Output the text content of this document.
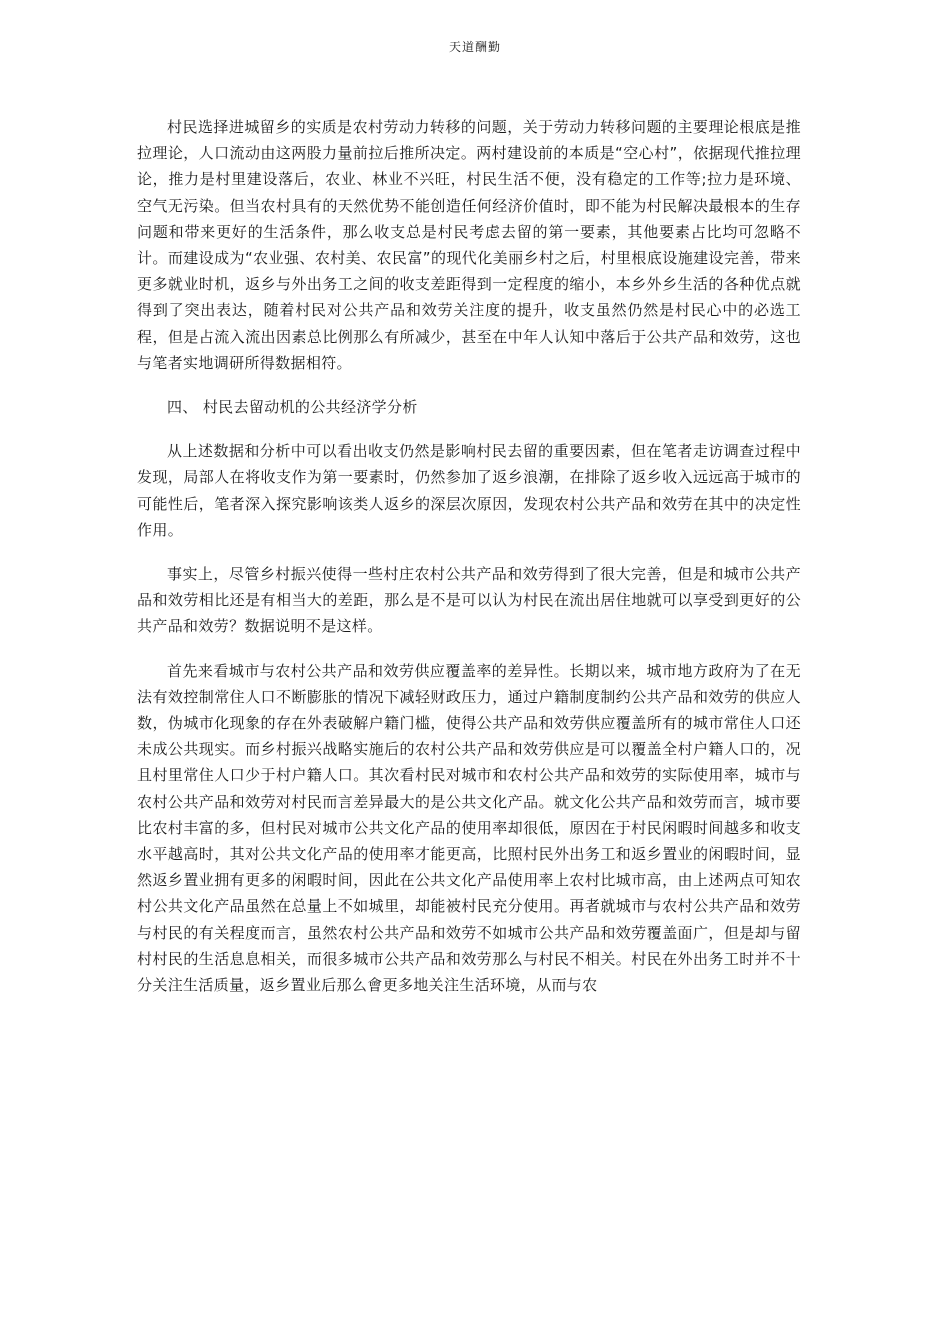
天道酬勤

村民选择进城留乡的实质是农村劳动力转移的问题，关于劳动力转移问题的主要理论根底是推拉理论，人口流动由这两股力量前拉后推所决定。两村建设前的本质是“空心村”，依据现代推拉理论，推力是村里建设落后，农业、林业不兴旺，村民生活不便，没有稳定的工作等;拉力是环境、空气无污染。但当农村具有的天然优势不能创造任何经济价值时，即不能为村民解决最根本的生存问题和带来更好的生活条件，那么收支总是村民考虑去留的第一要素，其他要素占比均可忽略不计。而建设成为“农业强、农村美、农民富”的现代化美丽乡村之后，村里根底设施建设完善，带来更多就业时机，返乡与外出务工之间的收支差距得到一定程度的缩小，本乡外乡生活的各种优点就得到了突出表达，随着村民对公共产品和效劳关注度的提升，收支虽然仍然是村民心中的必选工程，但是占流入流出因素总比例那么有所减少，甚至在中年人认知中落后于公共产品和效劳，这也与笔者实地调研所得数据相符。

四、 村民去留动机的公共经济学分析

从上述数据和分析中可以看出收支仍然是影响村民去留的重要因素，但在笔者走访调查过程中发现，局部人在将收支作为第一要素时，仍然参加了返乡浪潮，在排除了返乡收入远远高于城市的可能性后，笔者深入探究影响该类人返乡的深层次原因，发现农村公共产品和效劳在其中的决定性作用。

事实上，尽管乡村振兴使得一些村庄农村公共产品和效劳得到了很大完善，但是和城市公共产品和效劳相比还是有相当大的差距，那么是不是可以认为村民在流出居住地就可以享受到更好的公共产品和效劳？数据说明不是这样。

首先来看城市与农村公共产品和效劳供应覆盖率的差异性。长期以来，城市地方政府为了在无法有效控制常住人口不断膨胀的情况下减轻财政压力，通过户籍制度制约公共产品和效劳的供应人数，伪城市化现象的存在外表破解户籍门槛，使得公共产品和效劳供应覆盖所有的城市常住人口还未成公共现实。而乡村振兴战略实施后的农村公共产品和效劳供应是可以覆盖全村户籍人口的，况且村里常住人口少于村户籍人口。其次看村民对城市和农村公共产品和效劳的实际使用率，城市与农村公共产品和效劳对村民而言差异最大的是公共文化产品。就文化公共产品和效劳而言，城市要比农村丰富的多，但村民对城市公共文化产品的使用率却很低，原因在于村民闲暇时间越多和收支水平越高时，其对公共文化产品的使用率才能更高，比照村民外出务工和返乡置业的闲暇时间，显然返乡置业拥有更多的闲暇时间，因此在公共文化产品使用率上农村比城市高，由上述两点可知农村公共文化产品虽然在总量上不如城里，却能被村民充分使用。再者就城市与农村公共产品和效劳与村民的有关程度而言，虽然农村公共产品和效劳不如城市公共产品和效劳覆盖面广，但是却与留村村民的生活息息相关，而很多城市公共产品和效劳那么与村民不相关。村民在外出务工时并不十分关注生活质量，返乡置业后那么會更多地关注生活环境，从而与农
